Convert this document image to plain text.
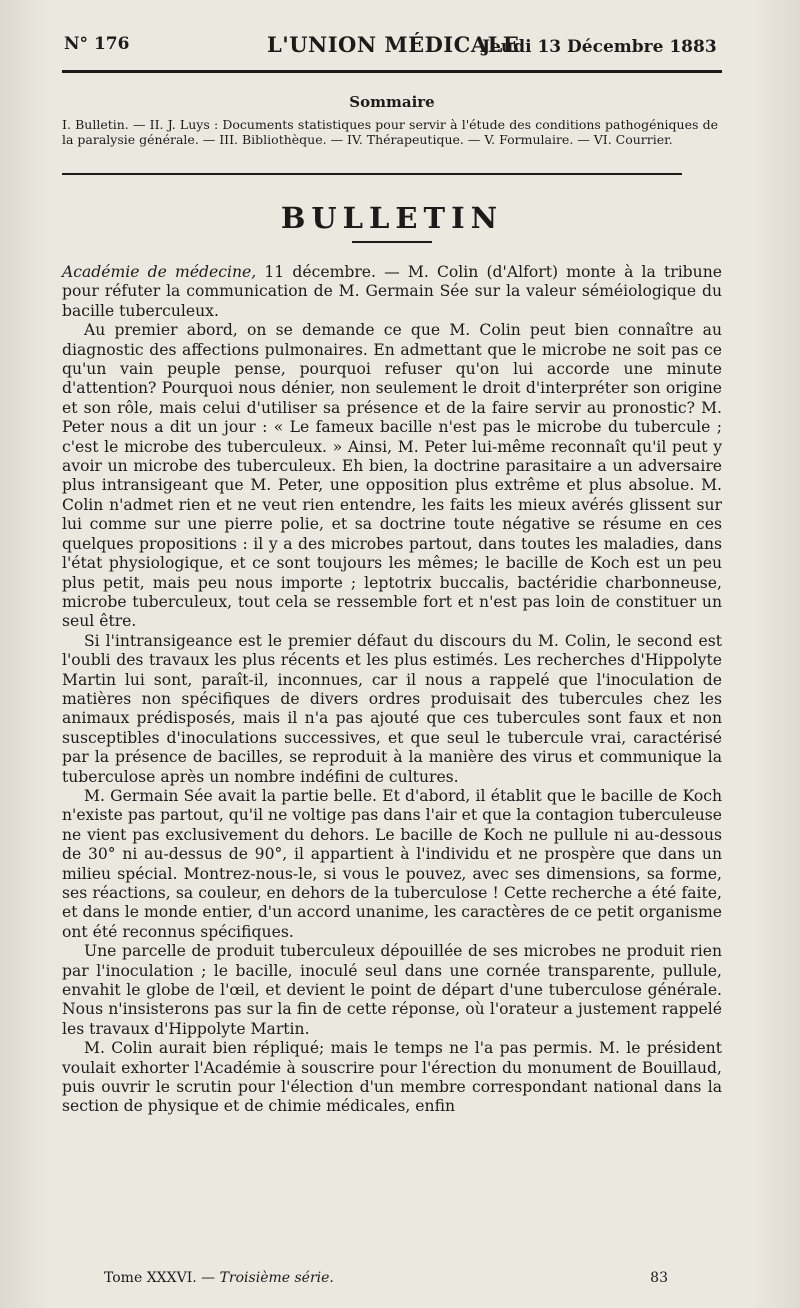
N° 176	L'UNION MÉDICALE
Jeudi 13 Décembre 1883
Sommaire
I. Bulletin. — II. J. Luys : Documents statistiques pour servir à l'étude des conditions pathogéniques de la paralysie générale. — III. Bibliothèque. — IV. Thérapeutique. — V. Formulaire. — VI. Courrier.
BULLETIN

Académie de médecine, 11 décembre. — M. Colin (d'Alfort) monte à la tribune pour réfuter la communication de M. Germain Sée sur la valeur séméiologique du bacille tuberculeux.

Au premier abord, on se demande ce que M. Colin peut bien connaître au diagnostic des affections pulmonaires. En admettant que le microbe ne soit pas ce qu'un vain peuple pense, pourquoi refuser qu'on lui accorde une minute d'attention? Pourquoi nous dénier, non seulement le droit d'interpréter son origine et son rôle, mais celui d'utiliser sa présence et de la faire servir au pronostic? M. Peter nous a dit un jour : « Le fameux bacille n'est pas le microbe du tubercule ; c'est le microbe des tuberculeux. » Ainsi, M. Peter lui-même reconnaît qu'il peut y avoir un microbe des tuberculeux. Eh bien, la doctrine parasitaire a un adversaire plus intransigeant que M. Peter, une opposition plus extrême et plus absolue. M. Colin n'admet rien et ne veut rien entendre, les faits les mieux avérés glissent sur lui comme sur une pierre polie, et sa doctrine toute négative se résume en ces quelques propositions : il y a des microbes partout, dans toutes les maladies, dans l'état physiologique, et ce sont toujours les mêmes; le bacille de Koch est un peu plus petit, mais peu nous importe ; leptotrix buccalis, bactéridie charbonneuse, microbe tuberculeux, tout cela se ressemble fort et n'est pas loin de constituer un seul être.

Si l'intransigeance est le premier défaut du discours du M. Colin, le second est l'oubli des travaux les plus récents et les plus estimés. Les recherches d'Hippolyte Martin lui sont, paraît-il, inconnues, car il nous a rappelé que l'inoculation de matières non spécifiques de divers ordres produisait des tubercules chez les animaux prédisposés, mais il n'a pas ajouté que ces tubercules sont faux et non susceptibles d'inoculations successives, et que seul le tubercule vrai, caractérisé par la présence de bacilles, se reproduit à la manière des virus et communique la tuberculose après un nombre indéfini de cultures.

M. Germain Sée avait la partie belle. Et d'abord, il établit que le bacille de Koch n'existe pas partout, qu'il ne voltige pas dans l'air et que la contagion tuberculeuse ne vient pas exclusivement du dehors. Le bacille de Koch ne pullule ni au-dessous de 30° ni au-dessus de 90°, il appartient à l'individu et ne prospère que dans un milieu spécial. Montrez-nous-le, si vous le pouvez, avec ses dimensions, sa forme, ses réactions, sa couleur, en dehors de la tuberculose ! Cette recherche a été faite, et dans le monde entier, d'un accord unanime, les caractères de ce petit organisme ont été reconnus spécifiques.

Une parcelle de produit tuberculeux dépouillée de ses microbes ne produit rien par l'inoculation ; le bacille, inoculé seul dans une cornée transparente, pullule, envahit le globe de l'œil, et devient le point de départ d'une tuberculose générale. Nous n'insisterons pas sur la fin de cette réponse, où l'orateur a justement rappelé les travaux d'Hippolyte Martin.

M. Colin aurait bien répliqué; mais le temps ne l'a pas permis. M. le président voulait exhorter l'Académie à souscrire pour l'érection du monument de Bouillaud, puis ouvrir le scrutin pour l'élection d'un membre correspondant national dans la section de physique et de chimie médicales, enfin

Tome XXXVI. — Troisième série.	83
